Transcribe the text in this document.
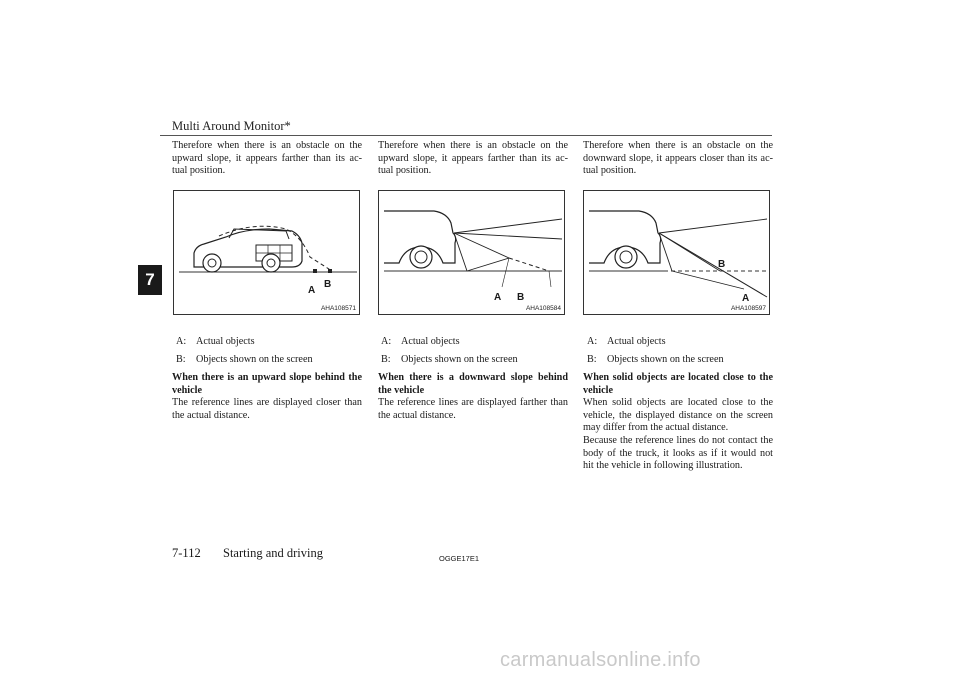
Multi Around Monitor*
7

Therefore when there is an obstacle on the upward slope, it appears farther than its ac-tual position.

A
B
AHA108571
A: Actual objects
B:	Objects shown on the screen

When there is an upward slope behind the vehicle

The reference lines are displayed closer than the actual distance.

Therefore when there is an obstacle on the upward slope, it appears farther than its ac-tual position.

A B
AHA108584
A: Actual objects
B:	Objects shown on the screen

When there is a downward slope behind the vehicle

The reference lines are displayed farther than the actual distance.

Therefore when there is an obstacle on the downward slope, it appears closer than its ac-tual position.

B
A
AHA108597
A: Actual objects
B:	Objects shown on the screen

When solid objects are located close to the vehicle

When solid objects are located close to the vehicle, the displayed distance on the screen may differ from the actual distance.

Because the reference lines do not contact the body of the truck, it looks as if it would not hit the vehicle in following illustration.

7-112 Starting and driving	OGGE17E1
carmanualsonline.info
